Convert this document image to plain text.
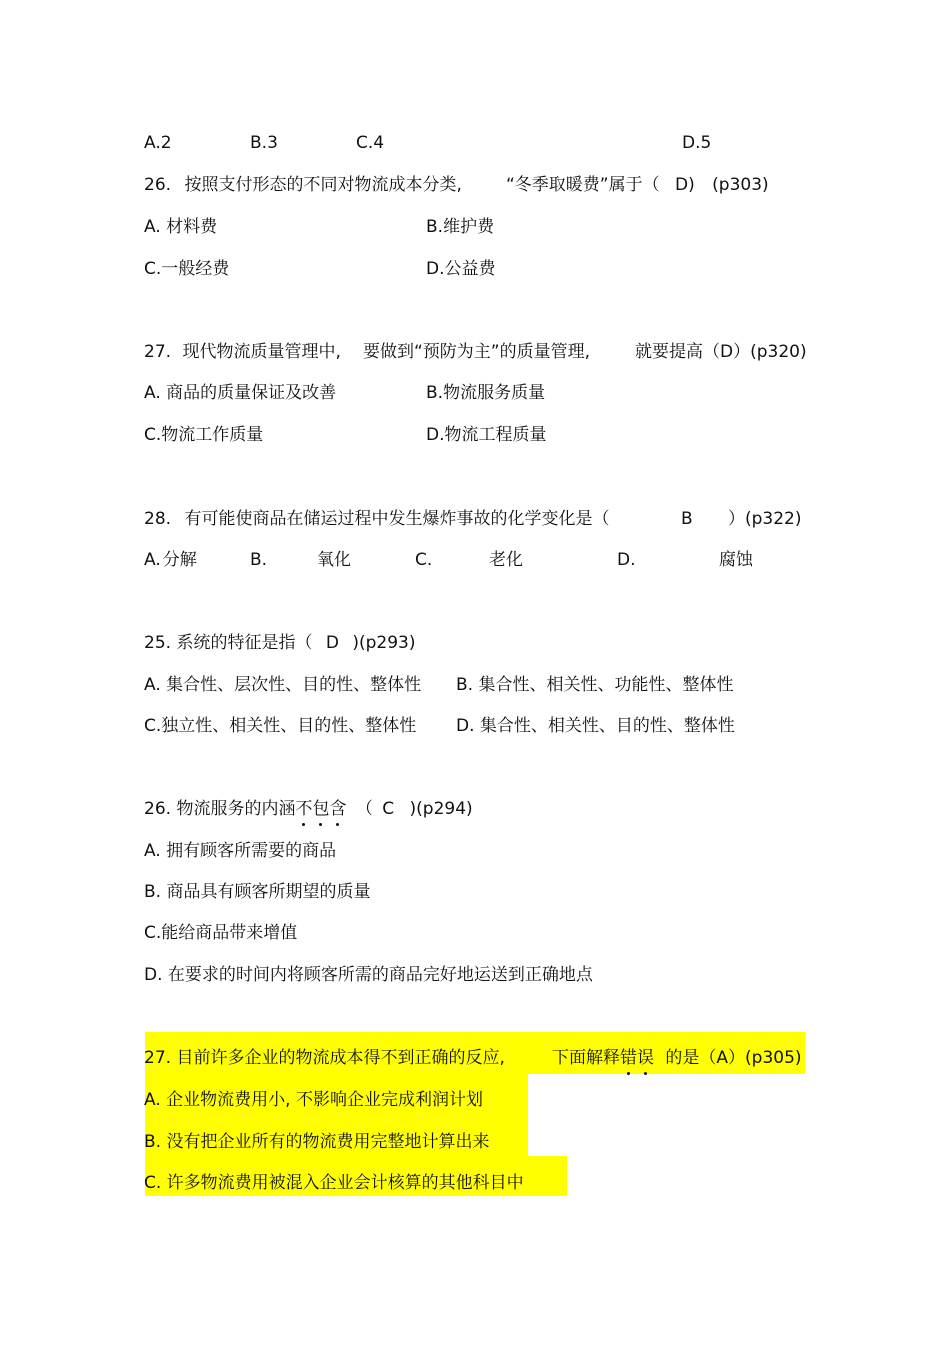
A.2	B.3	C.4	D.5
26. 按照支付形态的不同对物流成本分类,	“冬季取暖费”属于（ D) (p303)
A. 材料费	B.维护费
C.一般经费	D.公益费
27. 现代物流质量管理中, 要做到“预防为主”的质量管理,	就要提高（D）(p320)
A. 商品的质量保证及改善	B.物流服务质量
C.物流工作质量	D.物流工程质量
28. 有可能使商品在储运过程中发生爆炸事故的化学变化是（	B ）(p322)
A. 分解	B.	氧化	C.	老化	D.	腐蚀
25. 系统的特征是指（ D )(p293)
A. 集合性、层次性、目的性、整体性 B. 集合性、相关性、功能性、整体性
C.独立性、相关性、目的性、整体性 D. 集合性、相关性、目的性、整体性
26. 物流服务的内涵不包含 （ C )(p294)
A. 拥有顾客所需要的商品
B. 商品具有顾客所期望的质量
C.能给商品带来增值
D. 在要求的时间内将顾客所需的商品完好地运送到正确地点
27. 目前许多企业的物流成本得不到正确的反应,	下面解释错误 的是（A）(p305)
A. 企业物流费用小, 不影响企业完成利润计划
B. 没有把企业所有的物流费用完整地计算出来
C. 许多物流费用被混入企业会计核算的其他科目中
